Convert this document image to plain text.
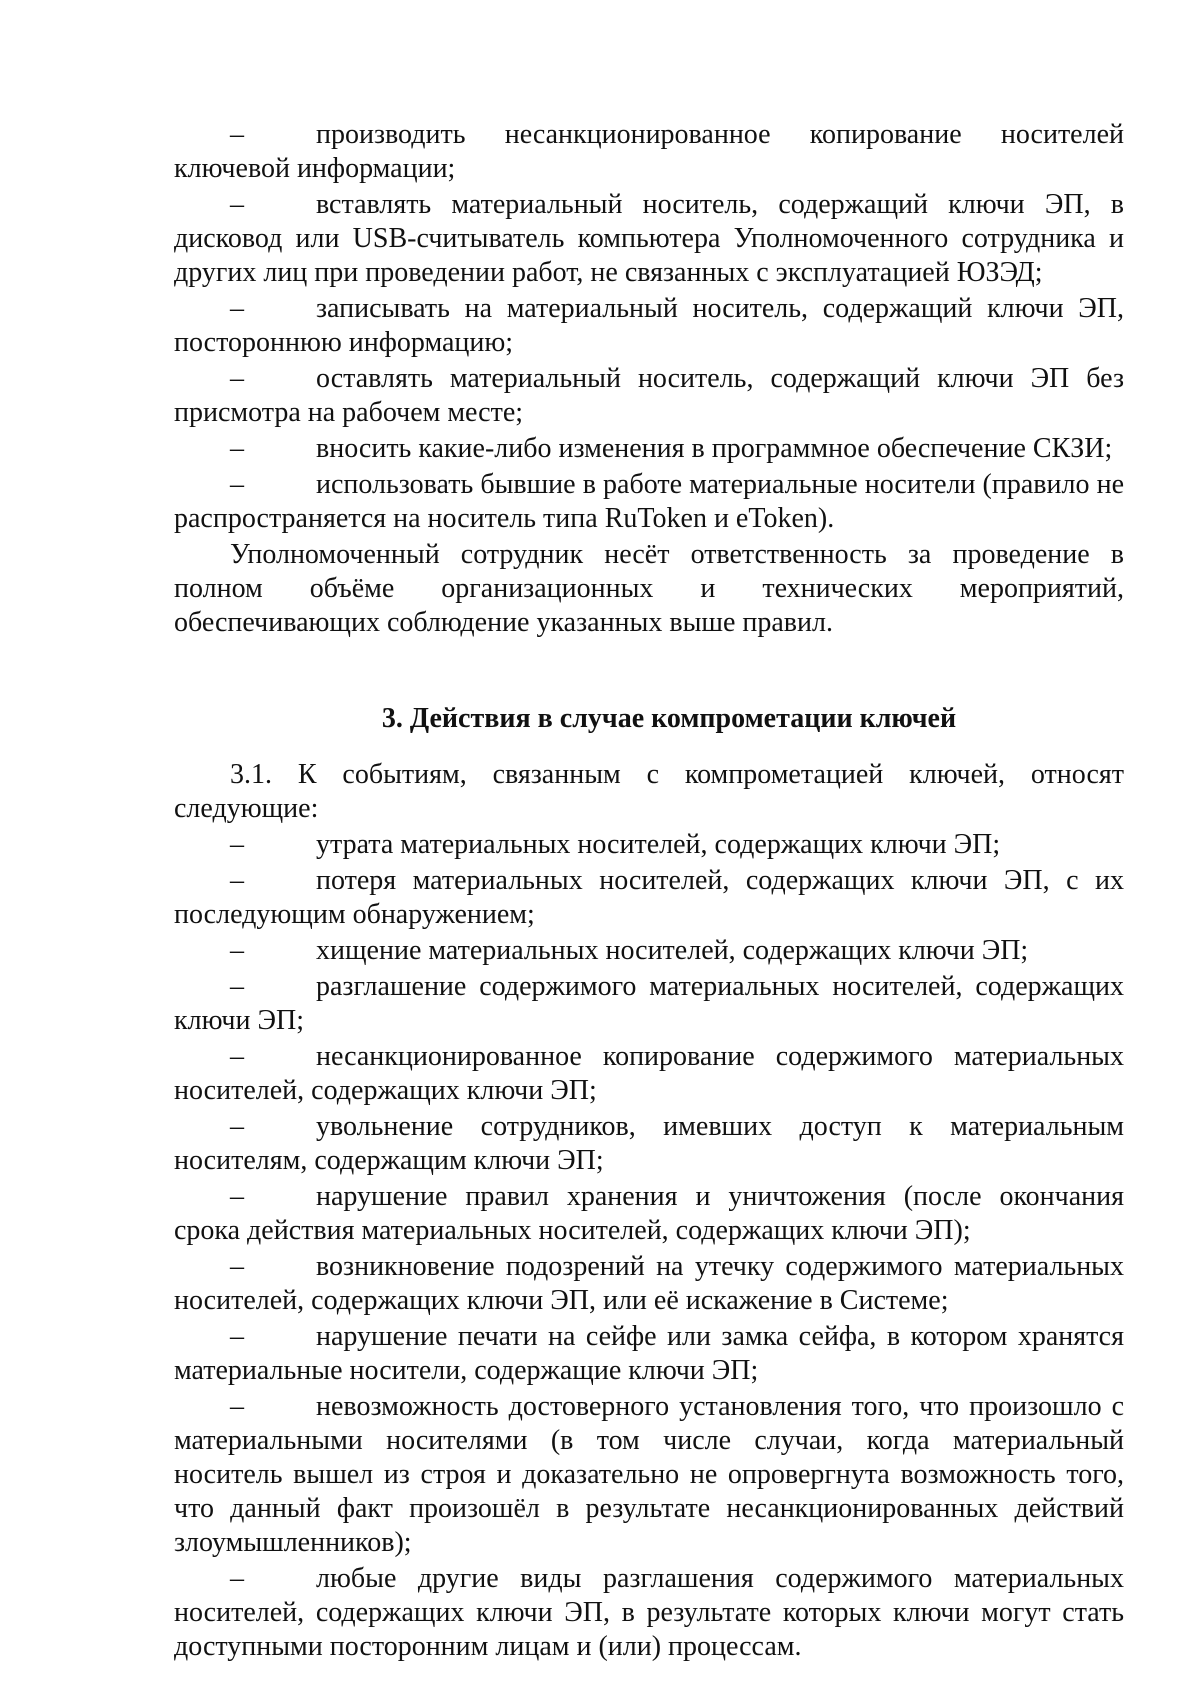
–	производить несанкционированное копирование носителей ключевой информации;

–	вставлять материальный носитель, содержащий ключи ЭП, в дисковод или USB-считыватель компьютера Уполномоченного сотрудника и других лиц при проведении работ, не связанных с эксплуатацией ЮЗЭД;

–	записывать на материальный носитель, содержащий ключи ЭП, постороннюю информацию;

–	оставлять материальный носитель, содержащий ключи ЭП без присмотра на рабочем месте;

–	вносить какие-либо изменения в программное обеспечение СКЗИ;

–	использовать бывшие в работе материальные носители (правило не распространяется на носитель типа RuToken и eToken).

Уполномоченный сотрудник несёт ответственность за проведение в полном объёме организационных и технических мероприятий, обеспечивающих соблюдение указанных выше правил.

3. Действия в случае компрометации ключей

3.1. К событиям, связанным с компрометацией ключей, относят следующие:

–	утрата материальных носителей, содержащих ключи ЭП;

–	потеря материальных носителей, содержащих ключи ЭП, с их последующим обнаружением;

–	хищение материальных носителей, содержащих ключи ЭП;

–	разглашение содержимого материальных носителей, содержащих ключи ЭП;

–	несанкционированное копирование содержимого материальных носителей, содержащих ключи ЭП;

–	увольнение сотрудников, имевших доступ к материальным носителям, содержащим ключи ЭП;

–	нарушение правил хранения и уничтожения (после окончания срока действия материальных носителей, содержащих ключи ЭП);

–	возникновение подозрений на утечку содержимого материальных носителей, содержащих ключи ЭП, или её искажение в Системе;

–	нарушение печати на сейфе или замка сейфа, в котором хранятся материальные носители, содержащие ключи ЭП;

–	невозможность достоверного установления того, что произошло с материальными носителями (в том числе случаи, когда материальный носитель вышел из строя и доказательно не опровергнута возможность того, что данный факт произошёл в результате несанкционированных действий злоумышленников);

–	любые другие виды разглашения содержимого материальных носителей, содержащих ключи ЭП, в результате которых ключи могут стать доступными посторонним лицам и (или) процессам.
